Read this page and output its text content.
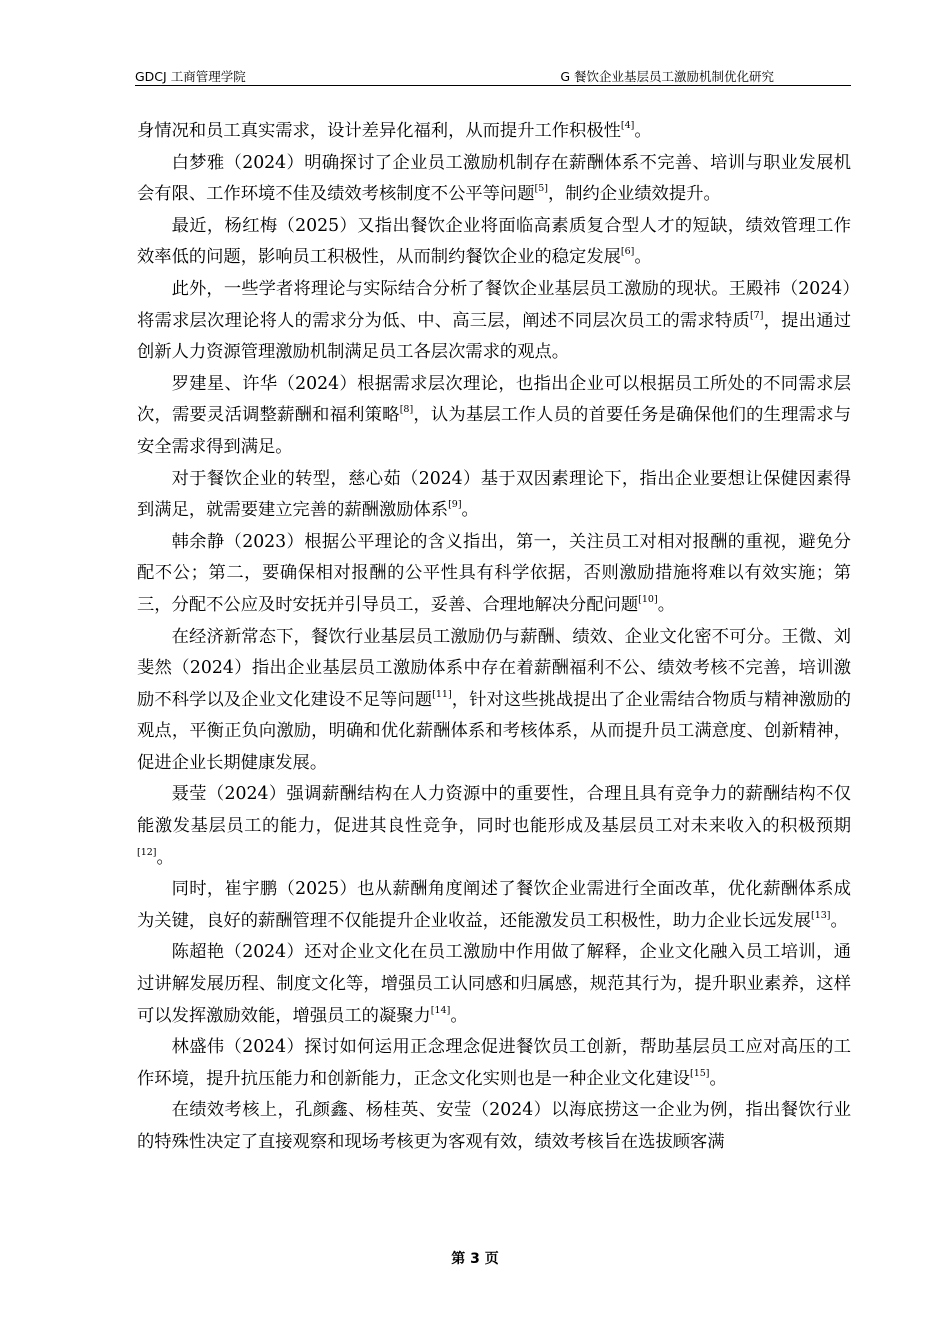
GDCJ 工商管理学院	G 餐饮企业基层员工激励机制优化研究

身情况和员工真实需求，设计差异化福利，从而提升工作积极性[4]。

白梦雅（2024）明确探讨了企业员工激励机制存在薪酬体系不完善、培训与职业发展机会有限、工作环境不佳及绩效考核制度不公平等问题[5]，制约企业绩效提升。

最近，杨红梅（2025）又指出餐饮企业将面临高素质复合型人才的短缺，绩效管理工作效率低的问题，影响员工积极性，从而制约餐饮企业的稳定发展[6]。

此外，一些学者将理论与实际结合分析了餐饮企业基层员工激励的现状。王殿祎（2024）将需求层次理论将人的需求分为低、中、高三层，阐述不同层次员工的需求特质[7]，提出通过创新人力资源管理激励机制满足员工各层次需求的观点。

罗建星、许华（2024）根据需求层次理论，也指出企业可以根据员工所处的不同需求层次，需要灵活调整薪酬和福利策略[8]，认为基层工作人员的首要任务是确保他们的生理需求与安全需求得到满足。

对于餐饮企业的转型，慈心茹（2024）基于双因素理论下，指出企业要想让保健因素得到满足，就需要建立完善的薪酬激励体系[9]。

韩余静（2023）根据公平理论的含义指出，第一，关注员工对相对报酬的重视，避免分配不公；第二，要确保相对报酬的公平性具有科学依据，否则激励措施将难以有效实施；第三，分配不公应及时安抚并引导员工，妥善、合理地解决分配问题[10]。

在经济新常态下，餐饮行业基层员工激励仍与薪酬、绩效、企业文化密不可分。王微、刘斐然（2024）指出企业基层员工激励体系中存在着薪酬福利不公、绩效考核不完善，培训激励不科学以及企业文化建设不足等问题[11]，针对这些挑战提出了企业需结合物质与精神激励的观点，平衡正负向激励，明确和优化薪酬体系和考核体系，从而提升员工满意度、创新精神，促进企业长期健康发展。

聂莹（2024）强调薪酬结构在人力资源中的重要性，合理且具有竞争力的薪酬结构不仅能激发基层员工的能力，促进其良性竞争，同时也能形成及基层员工对未来收入的积极预期[12]。

同时，崔宇鹏（2025）也从薪酬角度阐述了餐饮企业需进行全面改革，优化薪酬体系成为关键，良好的薪酬管理不仅能提升企业收益，还能激发员工积极性，助力企业长远发展[13]。

陈超艳（2024）还对企业文化在员工激励中作用做了解释，企业文化融入员工培训，通过讲解发展历程、制度文化等，增强员工认同感和归属感，规范其行为，提升职业素养，这样可以发挥激励效能，增强员工的凝聚力[14]。

林盛伟（2024）探讨如何运用正念理念促进餐饮员工创新，帮助基层员工应对高压的工作环境，提升抗压能力和创新能力，正念文化实则也是一种企业文化建设[15]。

在绩效考核上，孔颜鑫、杨桂英、安莹（2024）以海底捞这一企业为例，指出餐饮行业的特殊性决定了直接观察和现场考核更为客观有效，绩效考核旨在选拔顾客满

第 3 页
